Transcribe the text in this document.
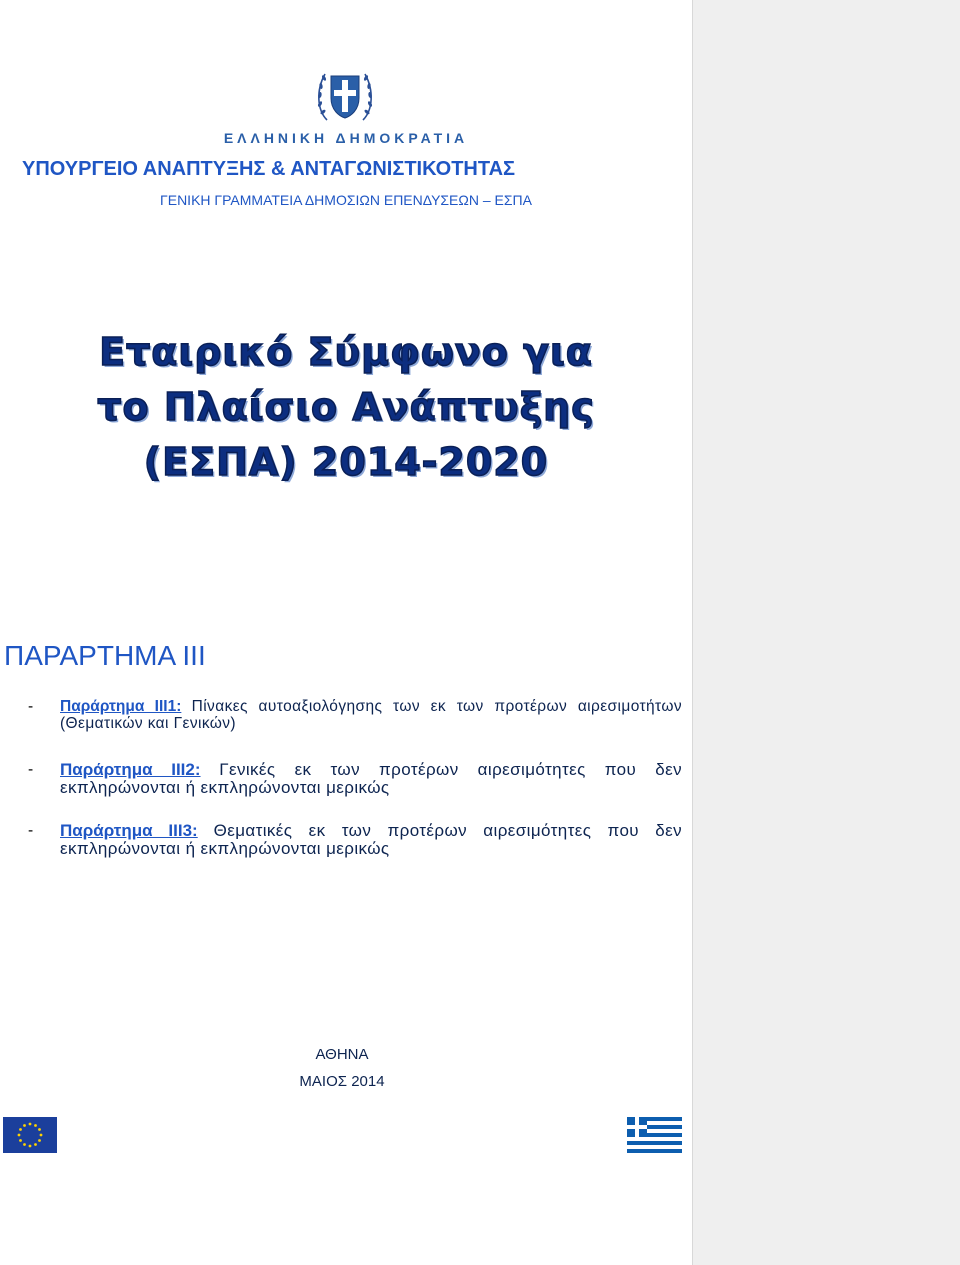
ΕΛΛΗΝΙΚΗ ΔΗΜΟΚΡΑΤΙΑ
ΥΠΟΥΡΓΕΙΟ ΑΝΑΠΤΥΞΗΣ & ΑΝΤΑΓΩΝΙΣΤΙΚΟΤΗΤΑΣ
ΓΕΝΙΚΗ ΓΡΑΜΜΑΤΕΙΑ ΔΗΜΟΣΙΩΝ ΕΠΕΝΔΥΣΕΩΝ – ΕΣΠΑ
Εταιρικό Σύμφωνο για
το Πλαίσιο Ανάπτυξης
(ΕΣΠΑ) 2014-2020
ΠΑΡΑΡΤΗΜΑ ΙΙΙ
- Παράρτημα ΙΙΙ1: Πίνακες αυτοαξιολόγησης των εκ των προτέρων αιρεσιμοτήτων (Θεματικών και Γενικών)
- Παράρτημα ΙΙΙ2: Γενικές εκ των προτέρων αιρεσιμότητες που δεν εκπληρώνονται ή εκπληρώνονται μερικώς
- Παράρτημα ΙΙΙ3: Θεματικές εκ των προτέρων αιρεσιμότητες που δεν εκπληρώνονται ή εκπληρώνονται μερικώς
ΑΘΗΝΑ
ΜΑΙΟΣ 2014
